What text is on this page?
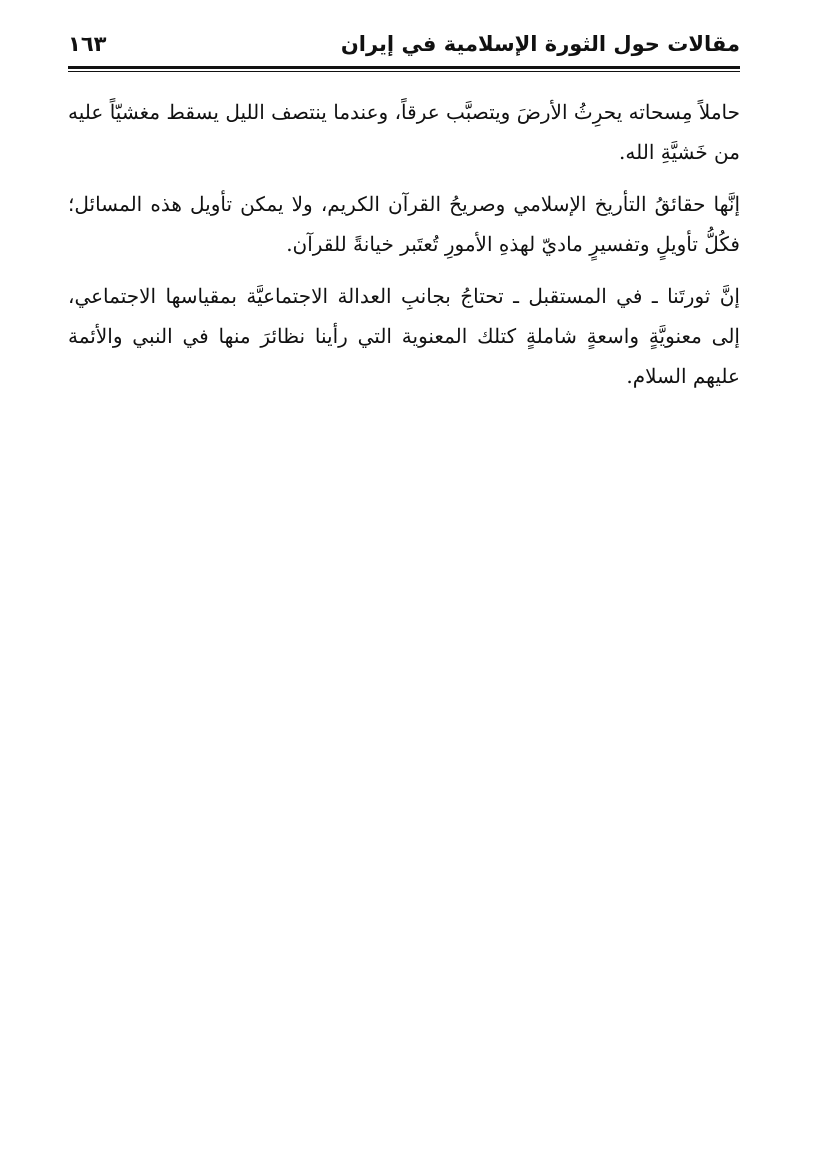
مقالات حول الثورة الإسلامية في إيران
١٦٣

حاملاً مِسحاته يحرِثُ الأرضَ ويتصبَّب عرقاً، وعندما ينتصف الليل يسقط مغشيّاً عليه من خَشيَّةِ الله.

إنَّها حقائقُ التأريخ الإسلامي وصريحُ القرآن الكريم، ولا يمكن تأويل هذه المسائل؛ فكُلُّ تأويلٍ وتفسيرٍ ماديّ لهذهِ الأمورِ تُعتَبر خيانةً للقرآن.

إنَّ ثورتَنا ـ في المستقبل ـ تحتاجُ بجانبِ العدالة الاجتماعيَّة بمقياسها الاجتماعي، إلى معنويَّةٍ واسعةٍ شاملةٍ كتلك المعنوية التي رأينا نظائرَ منها في النبي والأئمة عليهم السلام.
